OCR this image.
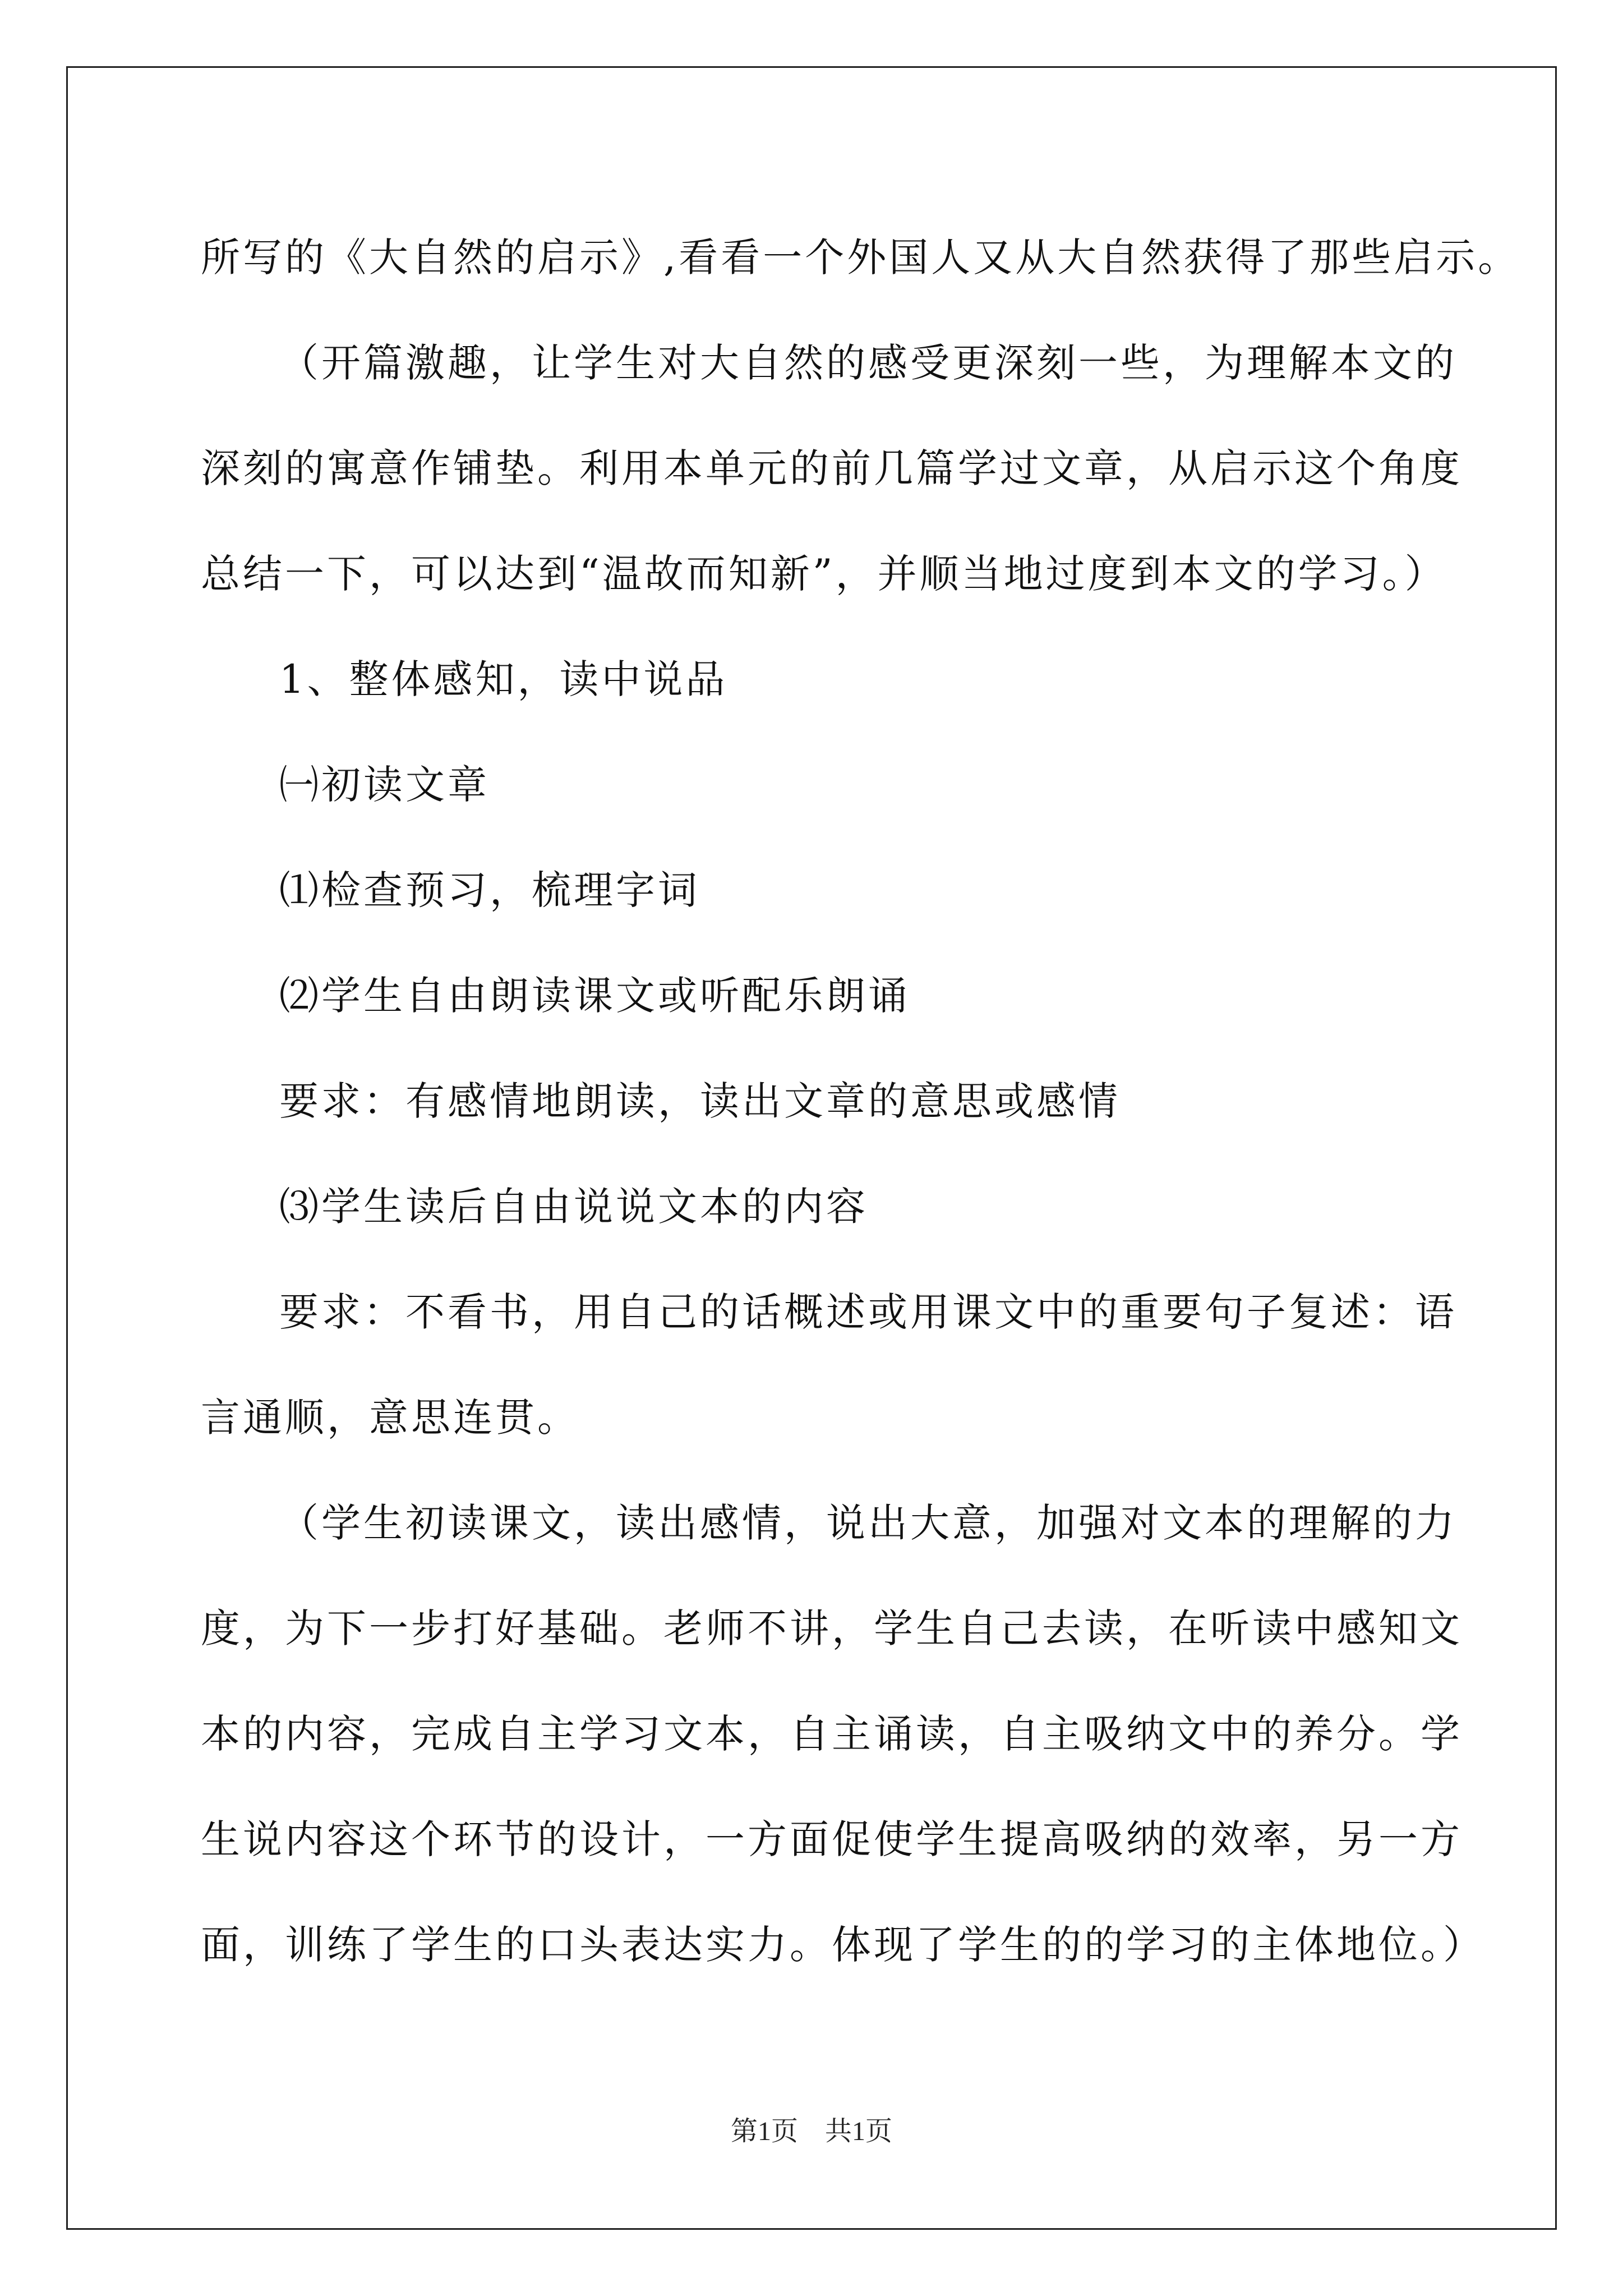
所写的《大自然的启示》,看看一个外国人又从大自然获得了那些启示。
（开篇激趣，让学生对大自然的感受更深刻一些，为理解本文的
深刻的寓意作铺垫。利用本单元的前几篇学过文章，从启示这个角度
总结一下，可以达到“温故而知新”，并顺当地过度到本文的学习。）
1、整体感知，读中说品
㈠初读文章
⑴检查预习，梳理字词
⑵学生自由朗读课文或听配乐朗诵
要求：有感情地朗读，读出文章的意思或感情
⑶学生读后自由说说文本的内容
要求：不看书，用自己的话概述或用课文中的重要句子复述：语
言通顺，意思连贯。
（学生初读课文，读出感情，说出大意，加强对文本的理解的力
度，为下一步打好基础。老师不讲，学生自己去读，在听读中感知文
本的内容，完成自主学习文本，自主诵读，自主吸纳文中的养分。学
生说内容这个环节的设计，一方面促使学生提高吸纳的效率，另一方
面，训练了学生的口头表达实力。体现了学生的的学习的主体地位。）
第1页 共1页
